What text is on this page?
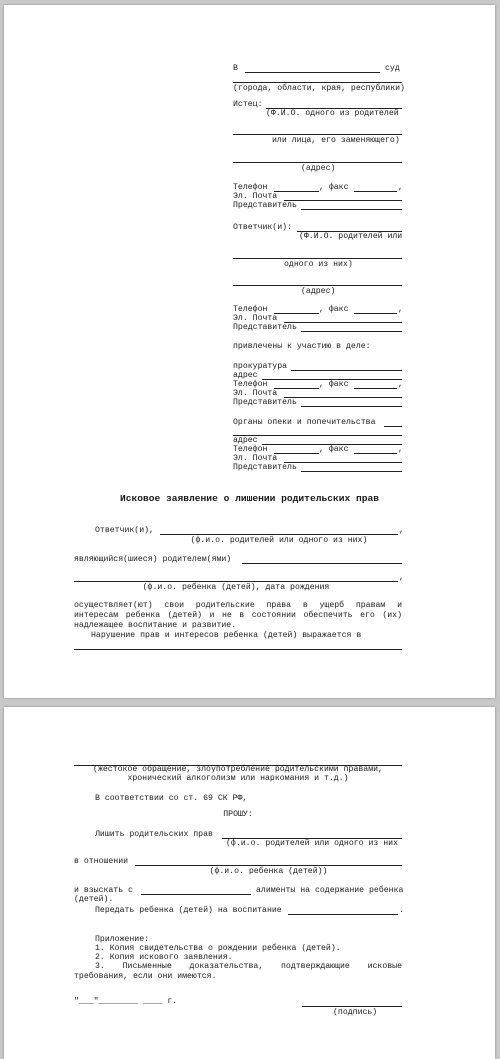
В	суд
(города, области, края, республики)
Истец:
(Ф.И.О. одного из родителей
или лица, его заменяющего)
(адрес)
Телефон	, факс	,
Эл. Почта
Представитель
Ответчик(и):
(Ф.И.О. родителей или
одного из них)
(адрес)
Телефон	, факс	,
Эл. Почта
Представитель
привлечены к участию в деле:
прокуратура
адрес
Телефон	, факс	,
Эл. Почта
Представитель
Органы опеки и попечительства
адрес
Телефон	, факс	,
Эл. Почта
Представитель
Исковое заявление о лишении родительских прав
Ответчик(и),	,
(ф.и.о. родителей или одного из них)
являющийся(шиеся) родителем(ями)
,
(ф.и.о. ребенка (детей), дата рождения
осуществляет(ют) свои родительские права в ущерб правам и интересам ребенка (детей) и не в состоянии обеспечить его (их) надлежащее воспитание и развитие.
Нарушение прав и интересов ребенка (детей) выражается в
(жестокое обращение, злоупотребление родительскими правами,
хронический алкоголизм или наркомания и т.д.)
В соответствии со ст. 69 СК РФ,
ПРОШУ:
Лишить родительских прав
(ф.и.о. родителей или одного из них
в отношении
(ф.и.о. ребенка (детей))
и взыскать с	алименты на содержание ребенка
(детей).
Передать ребенка (детей) на воспитание	.
Приложение:
1. Копия свидетельства о рождении ребенка (детей).
2. Копия искового заявления.
3. Письменные доказательства, подтверждающие исковые требования, если они имеются.
"___"________ ____ г.
(подпись)
